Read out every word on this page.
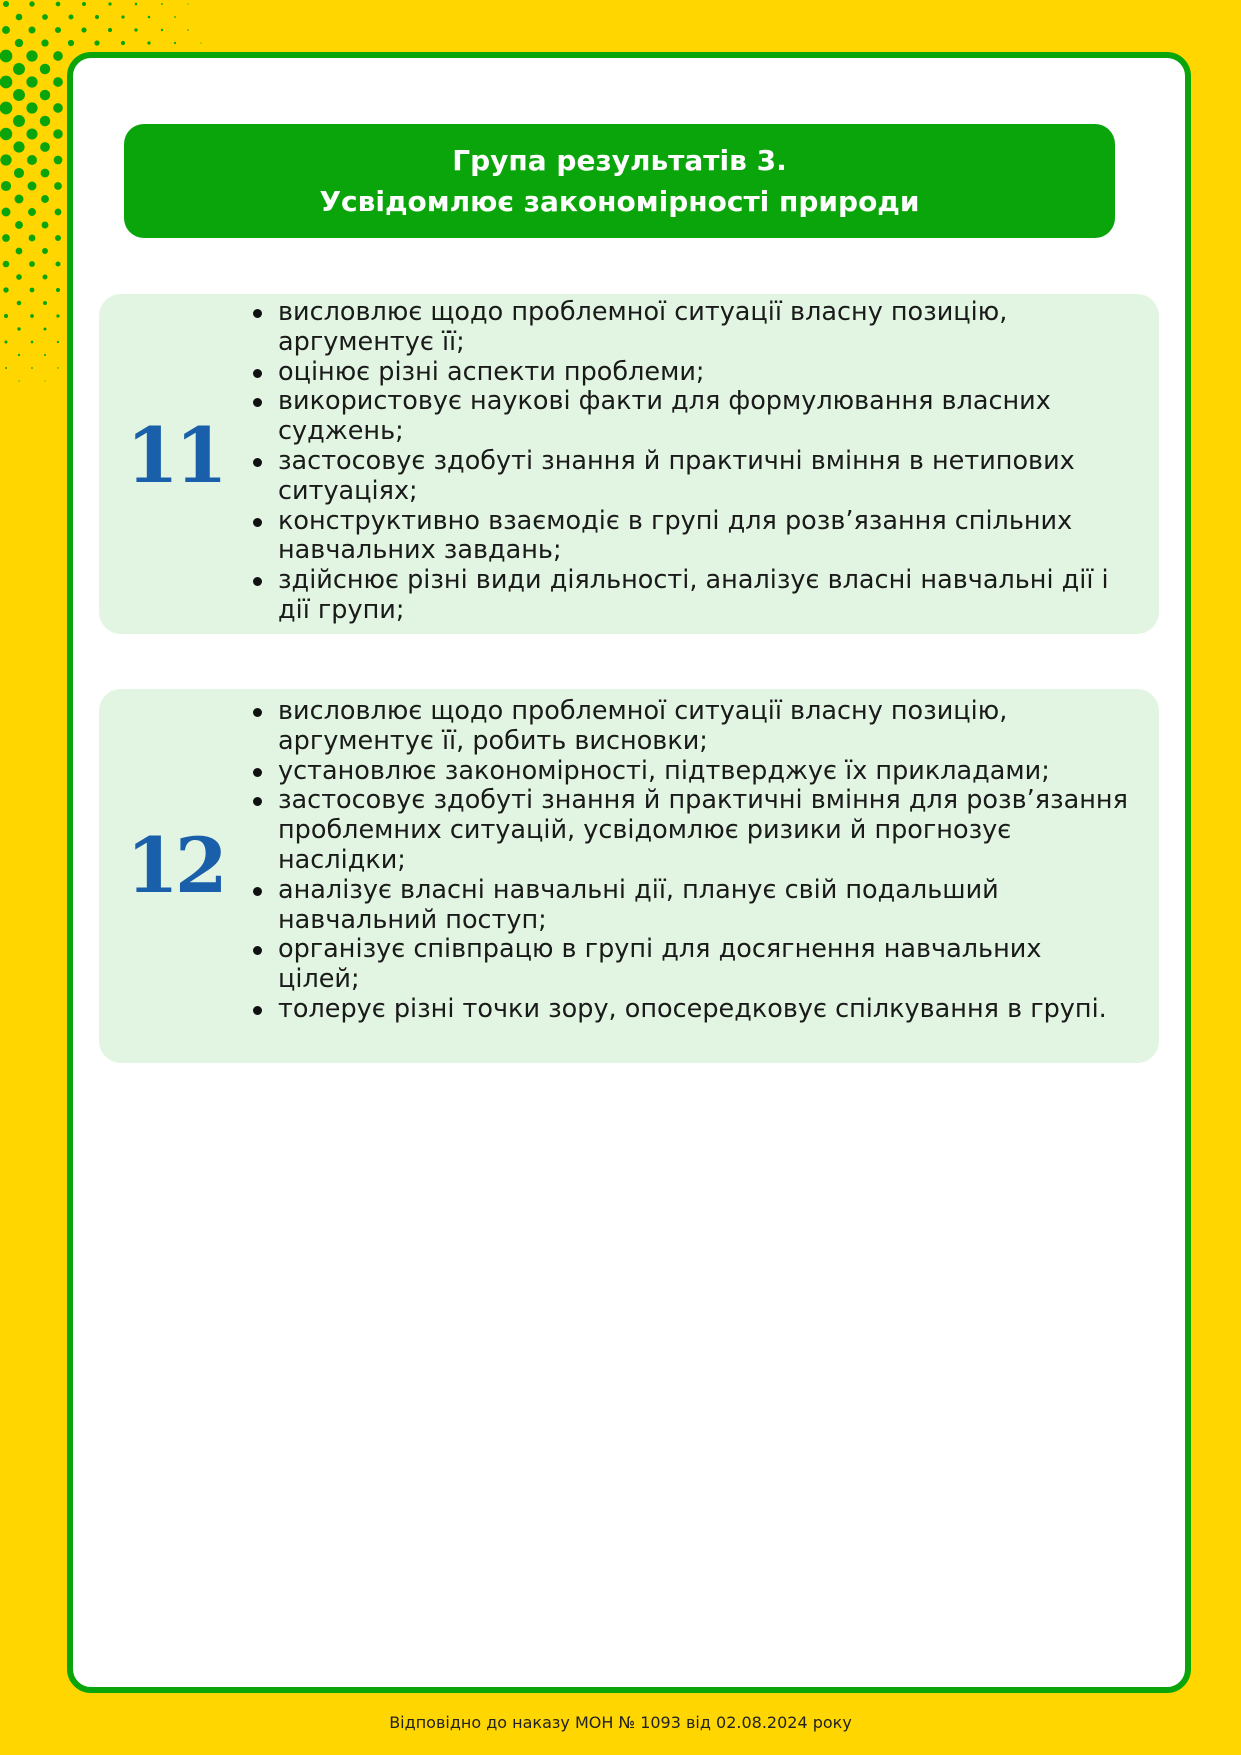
Група результатів 3.
Усвідомлює закономірності природи
висловлює щодо проблемної ситуації власну позицію, аргументує її;
оцінює різні аспекти проблеми;
використовує наукові факти для формулювання власних суджень;
застосовує здобуті знання й практичні вміння в нетипових ситуаціях;
конструктивно взаємодіє в групі для розв’язання спільних навчальних завдань;
здійснює різні види діяльності, аналізує власні навчальні дії і дії групи;
11
висловлює щодо проблемної ситуації власну позицію, аргументує її, робить висновки;
установлює закономірності, підтверджує їх прикладами;
застосовує здобуті знання й практичні вміння для розв’язання проблемних ситуацій, усвідомлює ризики й прогнозує наслідки;
аналізує власні навчальні дії, планує свій подальший навчальний поступ;
організує співпрацю в групі для досягнення навчальних цілей;
толерує різні точки зору, опосередковує спілкування в групі.
12
Відповідно до наказу МОН № 1093 від 02.08.2024 року
